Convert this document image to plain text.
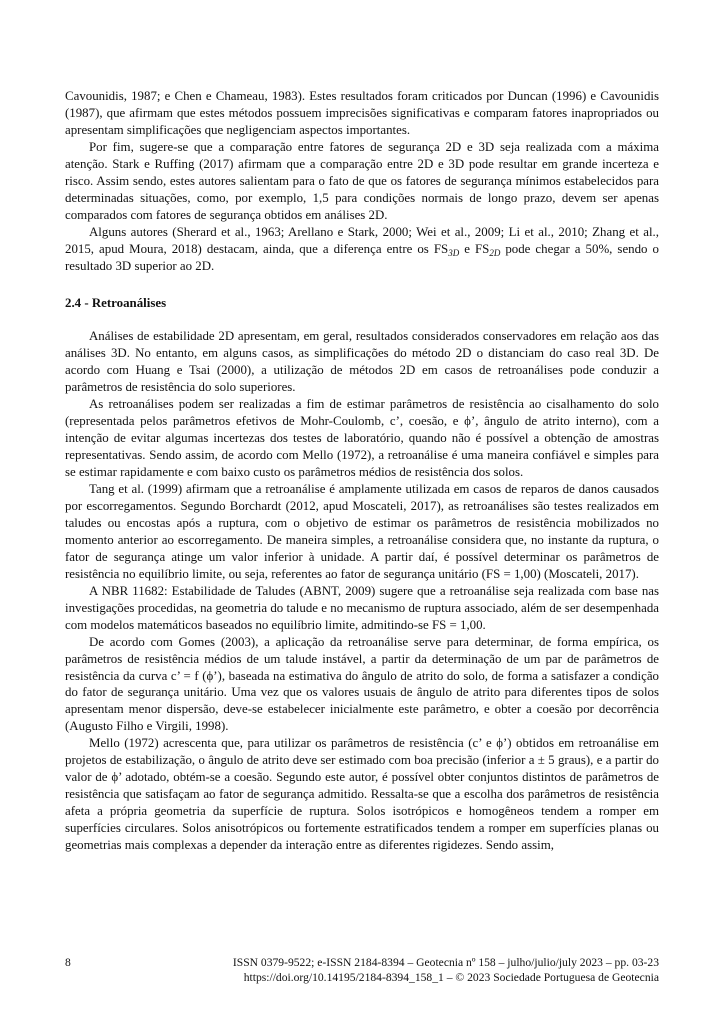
Cavounidis, 1987; e Chen e Chameau, 1983). Estes resultados foram criticados por Duncan (1996) e Cavounidis (1987), que afirmam que estes métodos possuem imprecisões significativas e comparam fatores inapropriados ou apresentam simplificações que negligenciam aspectos importantes.

Por fim, sugere-se que a comparação entre fatores de segurança 2D e 3D seja realizada com a máxima atenção. Stark e Ruffing (2017) afirmam que a comparação entre 2D e 3D pode resultar em grande incerteza e risco. Assim sendo, estes autores salientam para o fato de que os fatores de segurança mínimos estabelecidos para determinadas situações, como, por exemplo, 1,5 para condições normais de longo prazo, devem ser apenas comparados com fatores de segurança obtidos em análises 2D.

Alguns autores (Sherard et al., 1963; Arellano e Stark, 2000; Wei et al., 2009; Li et al., 2010; Zhang et al., 2015, apud Moura, 2018) destacam, ainda, que a diferença entre os $FS_{3D}$ e $FS_{2D}$ pode chegar a 50%, sendo o resultado 3D superior ao 2D.

2.4 - Retroanálises

Análises de estabilidade 2D apresentam, em geral, resultados considerados conservadores em relação aos das análises 3D. No entanto, em alguns casos, as simplificações do método 2D o distanciam do caso real 3D. De acordo com Huang e Tsai (2000), a utilização de métodos 2D em casos de retroanálises pode conduzir a parâmetros de resistência do solo superiores.

As retroanálises podem ser realizadas a fim de estimar parâmetros de resistência ao cisalhamento do solo (representada pelos parâmetros efetivos de Mohr-Coulomb, c’, coesão, e ϕ’, ângulo de atrito interno), com a intenção de evitar algumas incertezas dos testes de laboratório, quando não é possível a obtenção de amostras representativas. Sendo assim, de acordo com Mello (1972), a retroanálise é uma maneira confiável e simples para se estimar rapidamente e com baixo custo os parâmetros médios de resistência dos solos.

Tang et al. (1999) afirmam que a retroanálise é amplamente utilizada em casos de reparos de danos causados por escorregamentos. Segundo Borchardt (2012, apud Moscateli, 2017), as retroanálises são testes realizados em taludes ou encostas após a ruptura, com o objetivo de estimar os parâmetros de resistência mobilizados no momento anterior ao escorregamento. De maneira simples, a retroanálise considera que, no instante da ruptura, o fator de segurança atinge um valor inferior à unidade. A partir daí, é possível determinar os parâmetros de resistência no equilíbrio limite, ou seja, referentes ao fator de segurança unitário (FS = 1,00) (Moscateli, 2017).

A NBR 11682: Estabilidade de Taludes (ABNT, 2009) sugere que a retroanálise seja realizada com base nas investigações procedidas, na geometria do talude e no mecanismo de ruptura associado, além de ser desempenhada com modelos matemáticos baseados no equilíbrio limite, admitindo-se FS = 1,00.

De acordo com Gomes (2003), a aplicação da retroanálise serve para determinar, de forma empírica, os parâmetros de resistência médios de um talude instável, a partir da determinação de um par de parâmetros de resistência da curva c’ = f (ϕ’), baseada na estimativa do ângulo de atrito do solo, de forma a satisfazer a condição do fator de segurança unitário. Uma vez que os valores usuais de ângulo de atrito para diferentes tipos de solos apresentam menor dispersão, deve-se estabelecer inicialmente este parâmetro, e obter a coesão por decorrência (Augusto Filho e Virgili, 1998).

Mello (1972) acrescenta que, para utilizar os parâmetros de resistência (c’ e ϕ’) obtidos em retroanálise em projetos de estabilização, o ângulo de atrito deve ser estimado com boa precisão (inferior a ± 5 graus), e a partir do valor de ϕ’ adotado, obtém-se a coesão. Segundo este autor, é possível obter conjuntos distintos de parâmetros de resistência que satisfaçam ao fator de segurança admitido. Ressalta-se que a escolha dos parâmetros de resistência afeta a própria geometria da superfície de ruptura. Solos isotrópicos e homogêneos tendem a romper em superfícies circulares. Solos anisotrópicos ou fortemente estratificados tendem a romper em superfícies planas ou geometrias mais complexas a depender da interação entre as diferentes rigidezes. Sendo assim,

8	ISSN 0379-9522; e-ISSN 2184-8394 – Geotecnia nº 158 – julho/julio/july 2023 – pp. 03-23
https://doi.org/10.14195/2184-8394_158_1 – © 2023 Sociedade Portuguesa de Geotecnia
